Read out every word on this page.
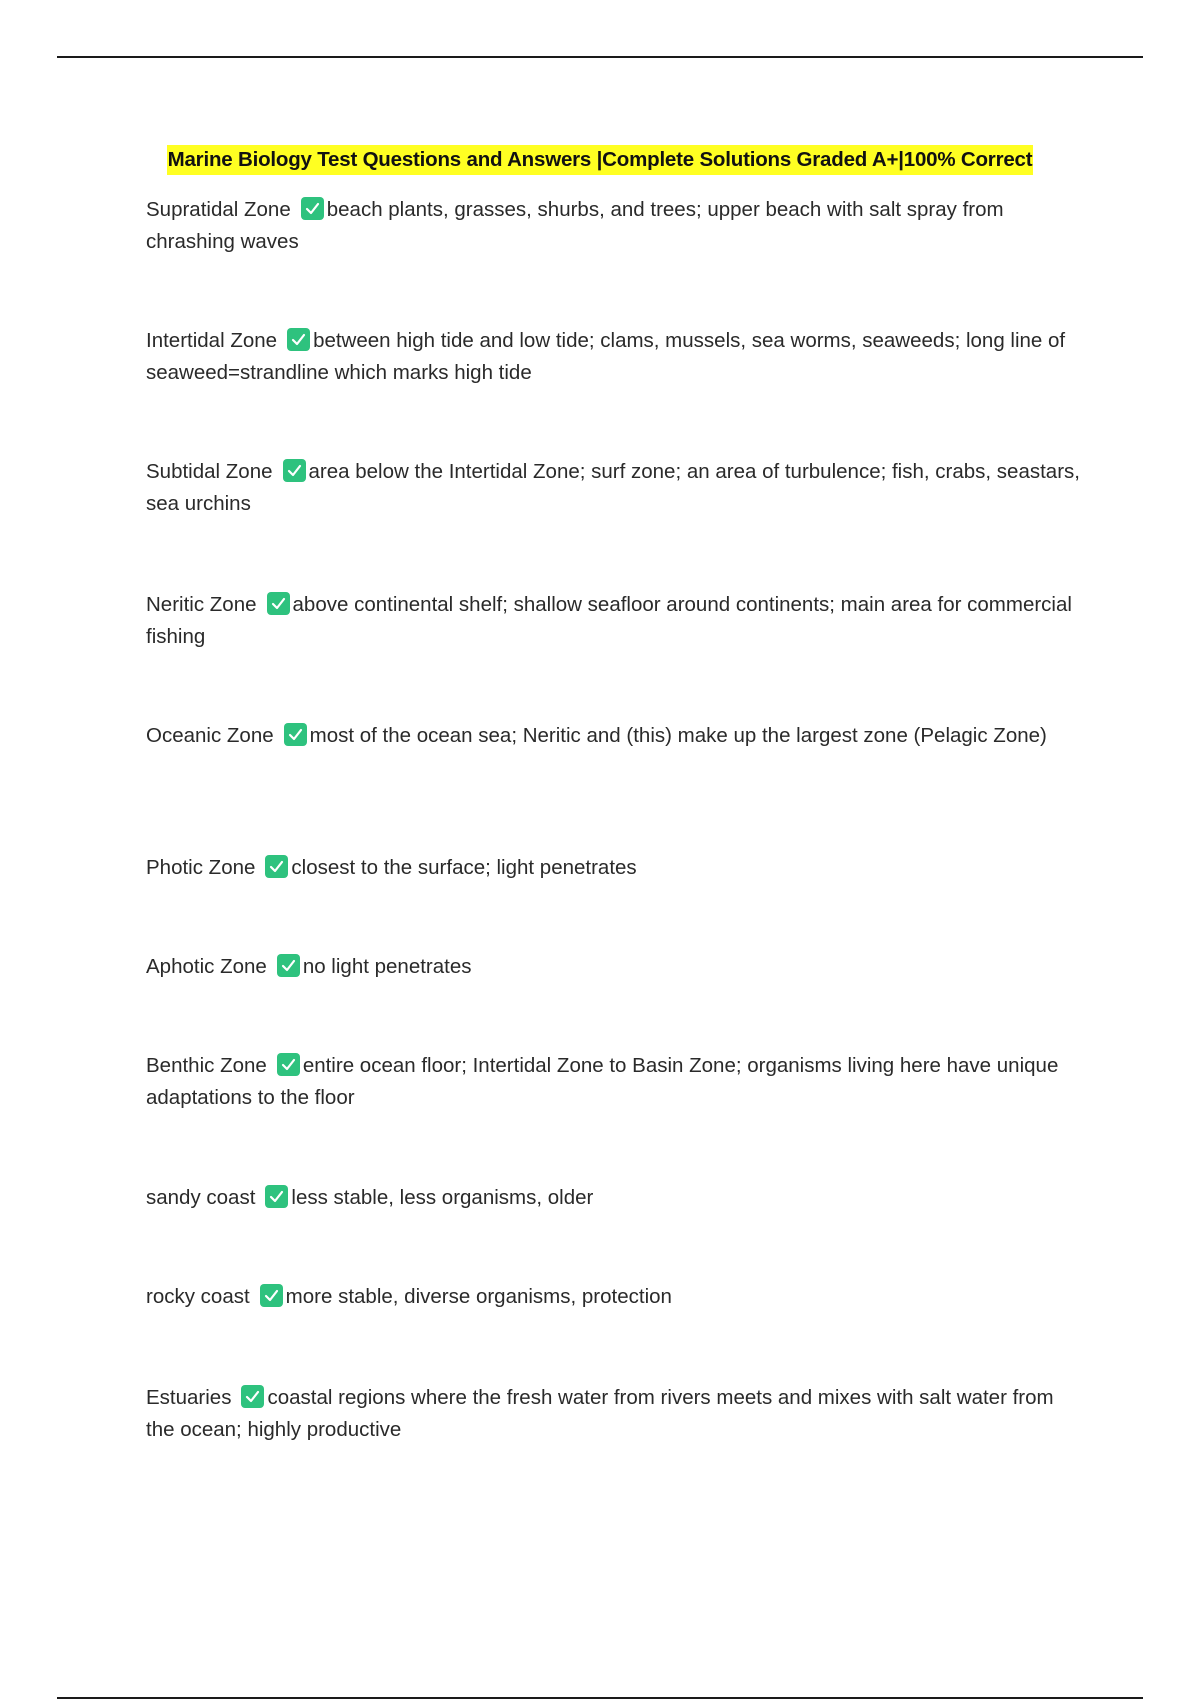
Marine Biology Test Questions and Answers |Complete Solutions Graded A+|100% Correct
Supratidal Zone beach plants, grasses, shurbs, and trees; upper beach with salt spray from chrashing waves
Intertidal Zone between high tide and low tide; clams, mussels, sea worms, seaweeds; long line of seaweed=strandline which marks high tide
Subtidal Zone area below the Intertidal Zone; surf zone; an area of turbulence; fish, crabs, seastars, sea urchins
Neritic Zone above continental shelf; shallow seafloor around continents; main area for commercial fishing
Oceanic Zone most of the ocean sea; Neritic and (this) make up the largest zone (Pelagic Zone)
Photic Zone closest to the surface; light penetrates
Aphotic Zone no light penetrates
Benthic Zone entire ocean floor; Intertidal Zone to Basin Zone; organisms living here have unique adaptations to the floor
sandy coast less stable, less organisms, older
rocky coast more stable, diverse organisms, protection
Estuaries coastal regions where the fresh water from rivers meets and mixes with salt water from the ocean; highly productive
